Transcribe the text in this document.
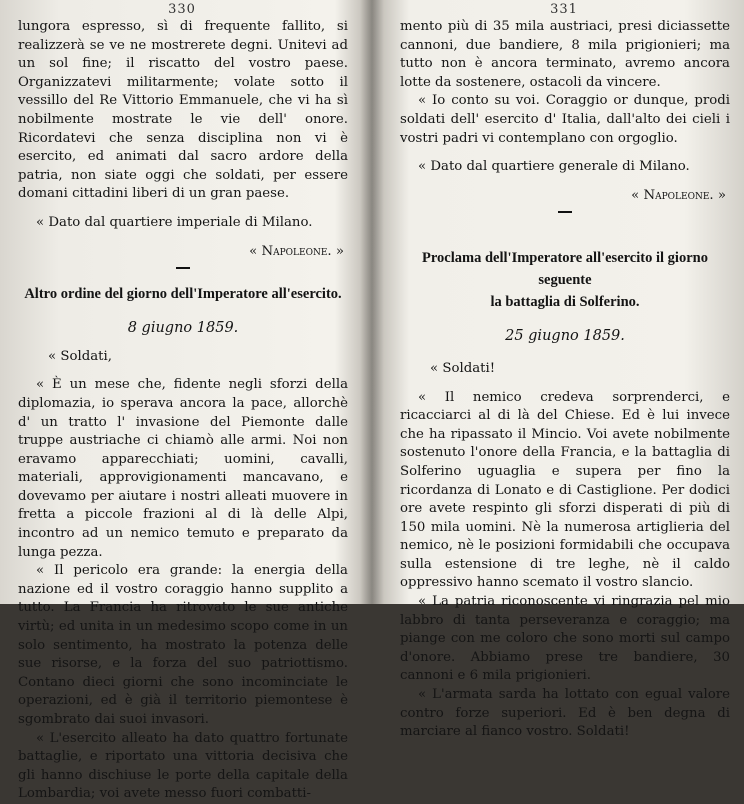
330

lungora espresso, sì di frequente fallito, si realizzerà se ve ne mostrerete degni. Unitevi ad un sol fine; il riscatto del vostro paese. Organizzatevi militarmente; volate sotto il vessillo del Re Vittorio Emmanuele, che vi ha sì nobilmente mostrate le vie dell' onore. Ricordatevi che senza disciplina non vi è esercito, ed animati dal sacro ardore della patria, non siate oggi che soldati, per essere domani cittadini liberi di un gran paese.

« Dato dal quartiere imperiale di Milano.

« Napoleone. »

Altro ordine del giorno dell'Imperatore all'esercito.

8 giugno 1859.

« Soldati,

« È un mese che, fidente negli sforzi della diplomazia, io sperava ancora la pace, allorchè d' un tratto l' invasione del Piemonte dalle truppe austriache ci chiamò alle armi. Noi non eravamo apparecchiati; uomini, cavalli, materiali, approvigionamenti mancavano, e dovevamo per aiutare i nostri alleati muovere in fretta a piccole frazioni al di là delle Alpi, incontro ad un nemico temuto e preparato da lunga pezza.

« Il pericolo era grande: la energia della nazione ed il vostro coraggio hanno supplito a tutto. La Francia ha ritrovato le sue antiche virtù; ed unita in un medesimo scopo come in un solo sentimento, ha mostrato la potenza delle sue risorse, e la forza del suo patriottismo. Contano dieci giorni che sono incominciate le operazioni, ed è già il territorio piemontese è sgombrato dai suoi invasori.

« L'esercito alleato ha dato quattro fortunate battaglie, e riportato una vittoria decisiva che gli hanno dischiuse le porte della capitale della Lombardia; voi avete messo fuori combatti-

331

mento più di 35 mila austriaci, presi diciassette cannoni, due bandiere, 8 mila prigionieri; ma tutto non è ancora terminato, avremo ancora lotte da sostenere, ostacoli da vincere.

« Io conto su voi. Coraggio or dunque, prodi soldati dell' esercito d' Italia, dall'alto dei cieli i vostri padri vi contemplano con orgoglio.

« Dato dal quartiere generale di Milano.

« Napoleone. »

Proclama dell'Imperatore all'esercito il giorno seguente

la battaglia di Solferino.

25 giugno 1859.

« Soldati!

« Il nemico credeva sorprenderci, e ricacciarci al di là del Chiese. Ed è lui invece che ha ripassato il Mincio. Voi avete nobilmente sostenuto l'onore della Francia, e la battaglia di Solferino uguaglia e supera per fino la ricordanza di Lonato e di Castiglione. Per dodici ore avete respinto gli sforzi disperati di più di 150 mila uomini. Nè la numerosa artiglieria del nemico, nè le posizioni formidabili che occupava sulla estensione di tre leghe, nè il caldo oppressivo hanno scemato il vostro slancio.

« La patria riconoscente vi ringrazia pel mio labbro di tanta perseveranza e coraggio; ma piange con me coloro che sono morti sul campo d'onore. Abbiamo prese tre bandiere, 30 cannoni e 6 mila prigionieri.

« L'armata sarda ha lottato con egual valore contro forze superiori. Ed è ben degna di marciare al fianco vostro. Soldati!
